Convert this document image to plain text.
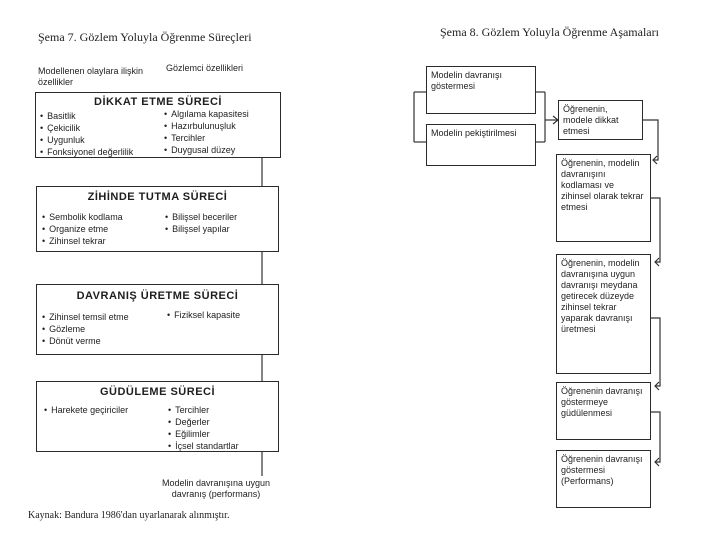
Şema 7. Gözlem Yoluyla Öğrenme Süreçleri
Modellenen olaylara ilişkin özellikler
Gözlemci özellikleri
DİKKAT ETME SÜRECİ
• Basitlik
• Çekicilik
• Uygunluk
• Fonksiyonel değerlilik
• Algılama kapasitesi
• Hazırbulunuşluk
• Tercihler
• Duygusal düzey
ZİHİNDE TUTMA SÜRECİ
• Sembolik kodlama
• Organize etme
• Zihinsel tekrar
• Bilişsel beceriler
• Bilişsel yapılar
DAVRANIŞ ÜRETME SÜRECİ
• Zihinsel temsil etme
• Gözleme
• Dönüt verme
• Fiziksel kapasite
GÜDÜLEME SÜRECİ
• Harekete geçiriciler
•	Tercihler
• Değerler
• Eğilimler
• İçsel standartlar
Modelin davranışına uygun davranış (performans)
Kaynak: Bandura 1986'dan uyarlanarak alınmıştır.
Şema 8. Gözlem Yoluyla Öğrenme Aşamaları
Modelin davranışı göstermesi
Modelin pekiştirilmesi
Öğrenenin, modele dikkat etmesi
Öğrenenin, modelin davranışını kodlaması ve zihinsel olarak tekrar etmesi
Öğrenenin, modelin davranışına uygun davranışı meydana getirecek düzeyde zihinsel tekrar yaparak davranışı üretmesi
Öğrenenin davranışı göstermeye güdülenmesi
Öğrenenin davranışı göstermesi (Performans)
